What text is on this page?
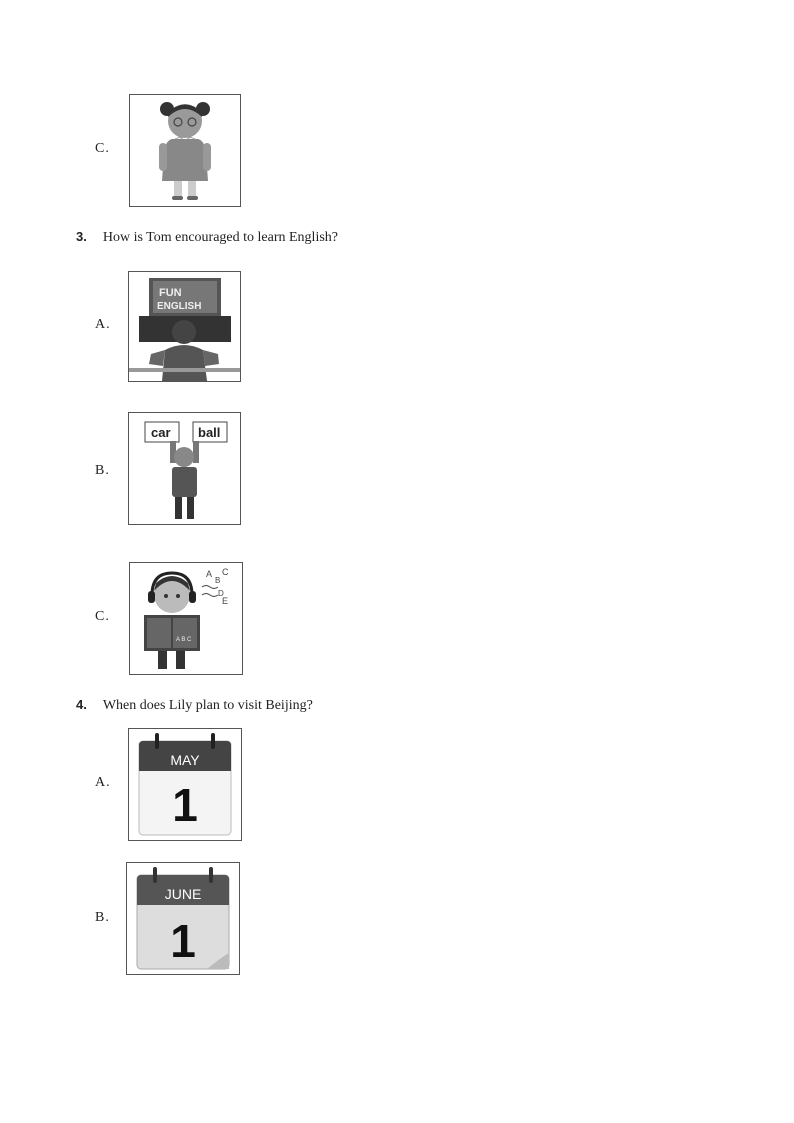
C.
3. How is Tom encouraged to learn English?
A.
FUN
ENGLISH
B.
car ball
C.
A
B
C
D
E
A B C
4. When does Lily plan to visit Beijing?
A.
MAY
1
B.
JUNE
1
